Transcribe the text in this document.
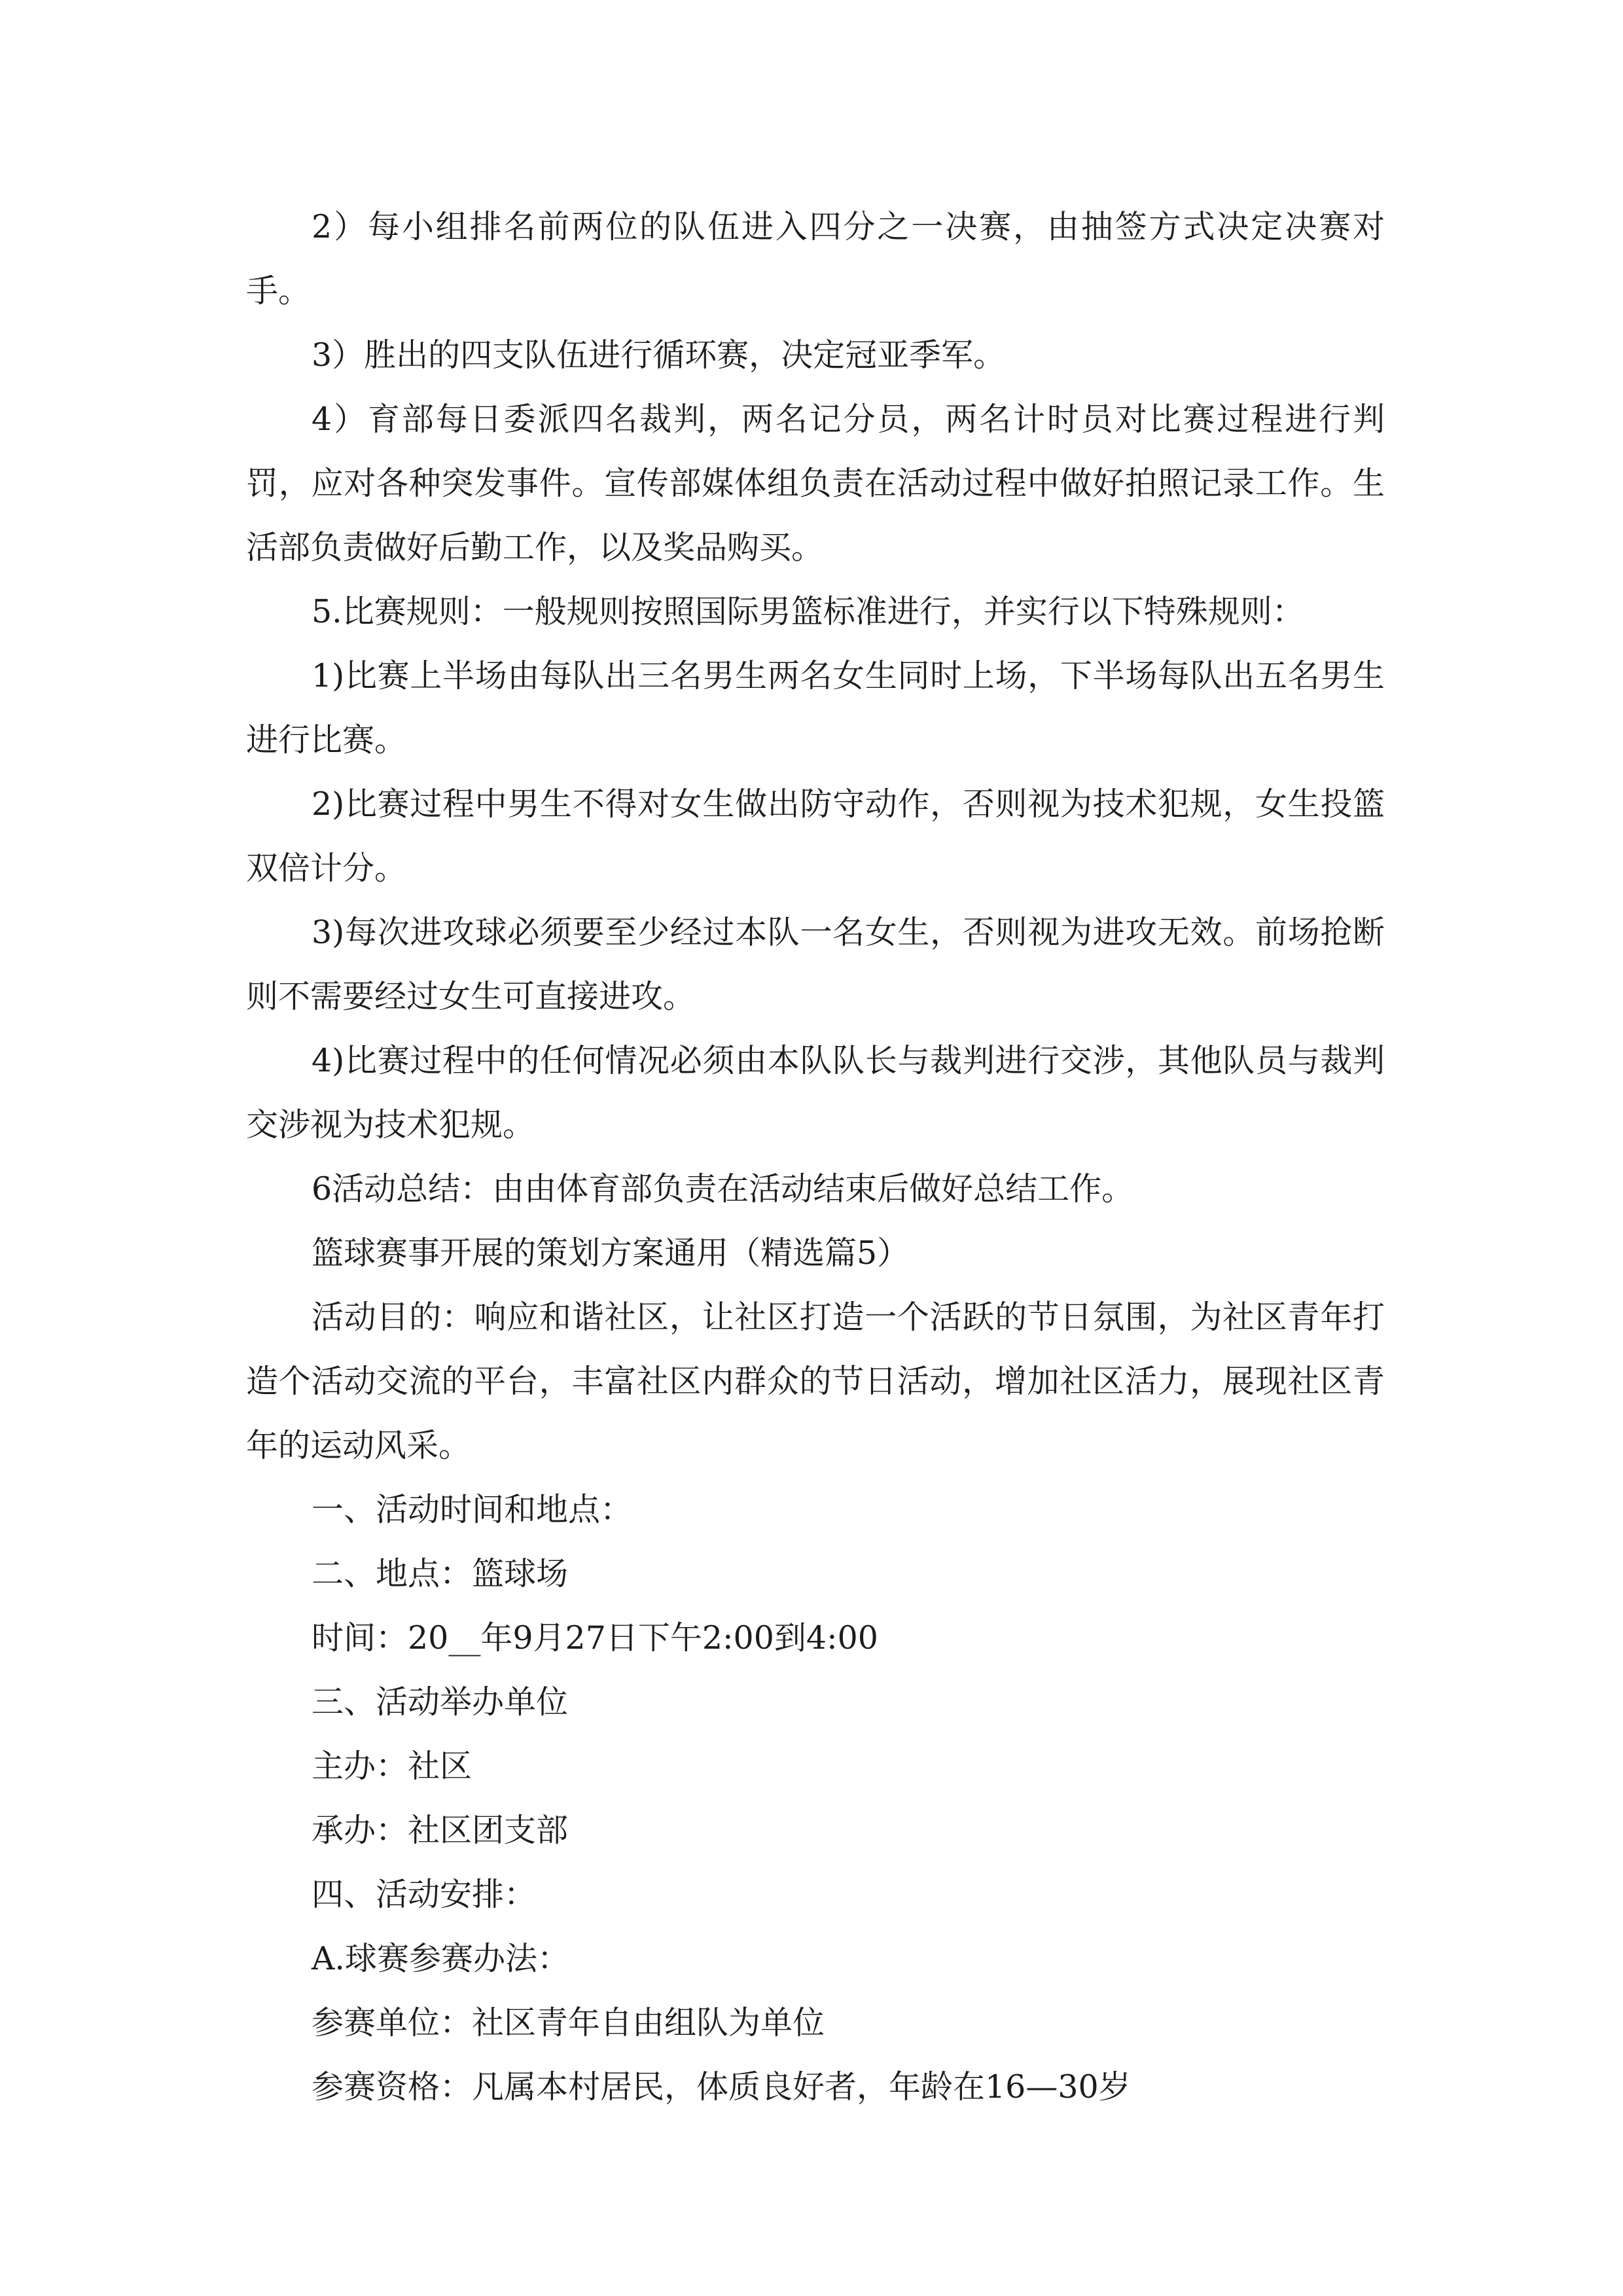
2）每小组排名前两位的队伍进入四分之一决赛，由抽签方式决定决赛对手。

3）胜出的四支队伍进行循环赛，决定冠亚季军。

4）育部每日委派四名裁判，两名记分员，两名计时员对比赛过程进行判罚，应对各种突发事件。宣传部媒体组负责在活动过程中做好拍照记录工作。生活部负责做好后勤工作，以及奖品购买。

5.比赛规则：一般规则按照国际男篮标准进行，并实行以下特殊规则：

1)比赛上半场由每队出三名男生两名女生同时上场，下半场每队出五名男生进行比赛。

2)比赛过程中男生不得对女生做出防守动作，否则视为技术犯规，女生投篮双倍计分。

3)每次进攻球必须要至少经过本队一名女生，否则视为进攻无效。前场抢断则不需要经过女生可直接进攻。

4)比赛过程中的任何情况必须由本队队长与裁判进行交涉，其他队员与裁判交涉视为技术犯规。

6活动总结：由由体育部负责在活动结束后做好总结工作。

篮球赛事开展的策划方案通用（精选篇5）

活动目的：响应和谐社区，让社区打造一个活跃的节日氛围，为社区青年打造个活动交流的平台，丰富社区内群众的节日活动，增加社区活力，展现社区青年的运动风采。

一、活动时间和地点：

二、地点：篮球场

时间：20__年9月27日下午2:00到4:00

三、活动举办单位

主办：社区

承办：社区团支部

四、活动安排：

A.球赛参赛办法：

参赛单位：社区青年自由组队为单位

参赛资格：凡属本村居民，体质良好者，年龄在16—30岁
